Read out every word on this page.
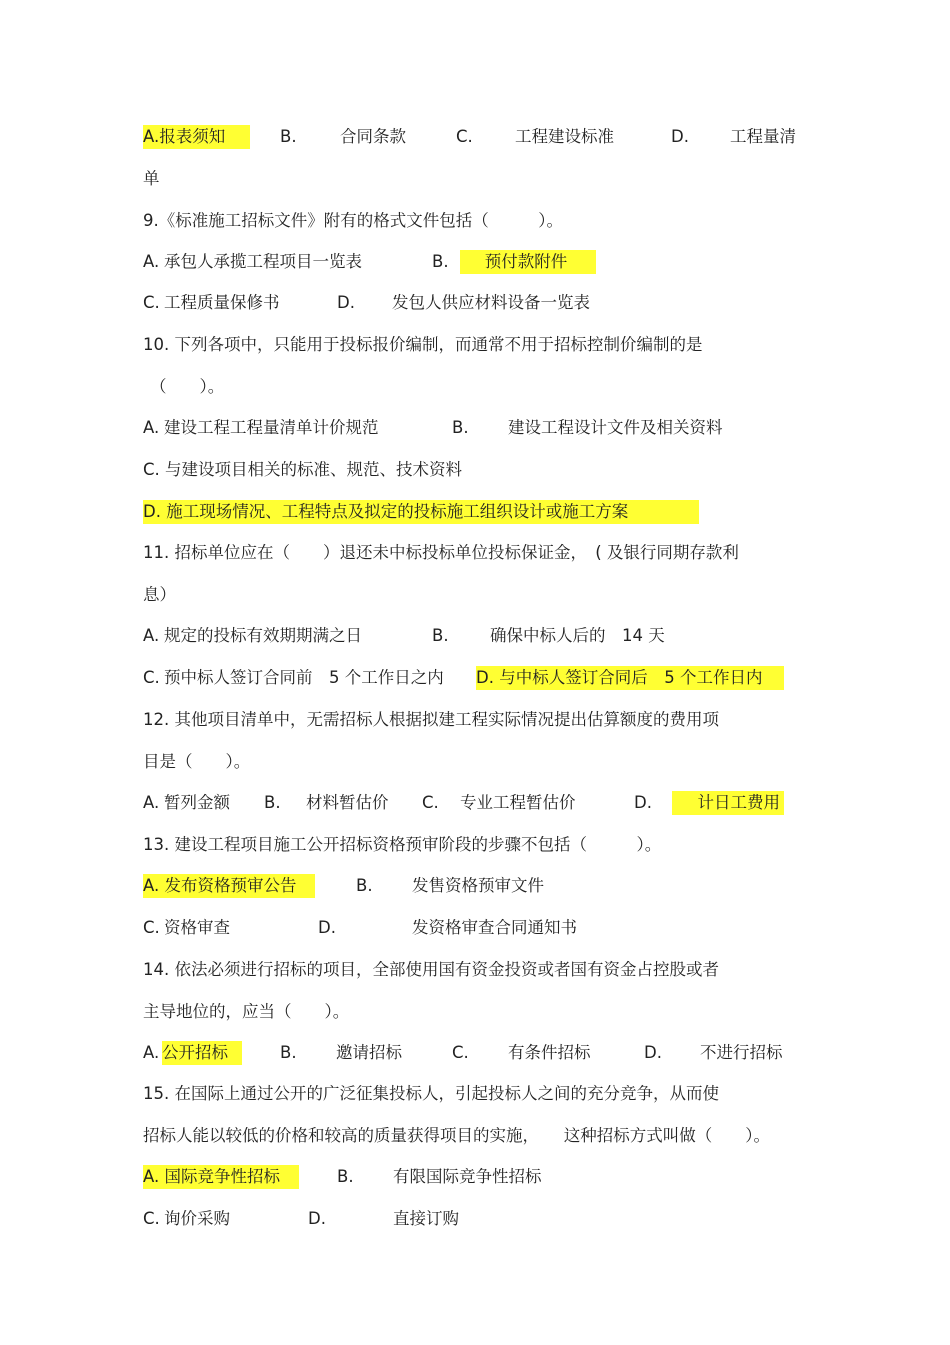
A.报表须知	B.	合同条款	C.	工程建设标准	D. 工程量清
单
9.《标准施工招标文件》附有的格式文件包括（　　　）。
A. 承包人承揽工程项目一览表	B.	预付款附件
C. 工程质量保修书	D. 发包人供应材料设备一览表
10. 下列各项中，只能用于投标报价编制，而通常不用于招标控制价编制的是
（　　）。
A. 建设工程工程量清单计价规范	B. 建设工程设计文件及相关资料
C. 与建设项目相关的标准、规范、技术资料
D. 施工现场情况、工程特点及拟定的投标施工组织设计或施工方案
11. 招标单位应在（　　）退还未中标投标单位投标保证金，　( 及银行同期存款利
息）
A. 规定的投标有效期期满之日	B.	确保中标人后的　14 天
C. 预中标人签订合同前　5 个工作日之内 D. 与中标人签订合同后　5 个工作日内
12. 其他项目清单中，无需招标人根据拟建工程实际情况提出估算额度的费用项
目是（　　）。
A. 暂列金额 B. 材料暂估价 C. 专业工程暂估价	D.	计日工费用
13. 建设工程项目施工公开招标资格预审阶段的步骤不包括（　　　）。
A. 发布资格预审公告	B. 发售资格预审文件
C. 资格审查	D.	发资格审查合同通知书
14. 依法必须进行招标的项目，全部使用国有资金投资或者国有资金占控股或者
主导地位的，应当（　　）。
A. 公开招标	B. 邀请招标	C. 有条件招标	D. 不进行招标
15. 在国际上通过公开的广泛征集投标人，引起投标人之间的充分竞争，从而使
招标人能以较低的价格和较高的质量获得项目的实施，　　这种招标方式叫做（　　）。
A. 国际竞争性招标	B. 有限国际竞争性招标
C. 询价采购	D.	直接订购
